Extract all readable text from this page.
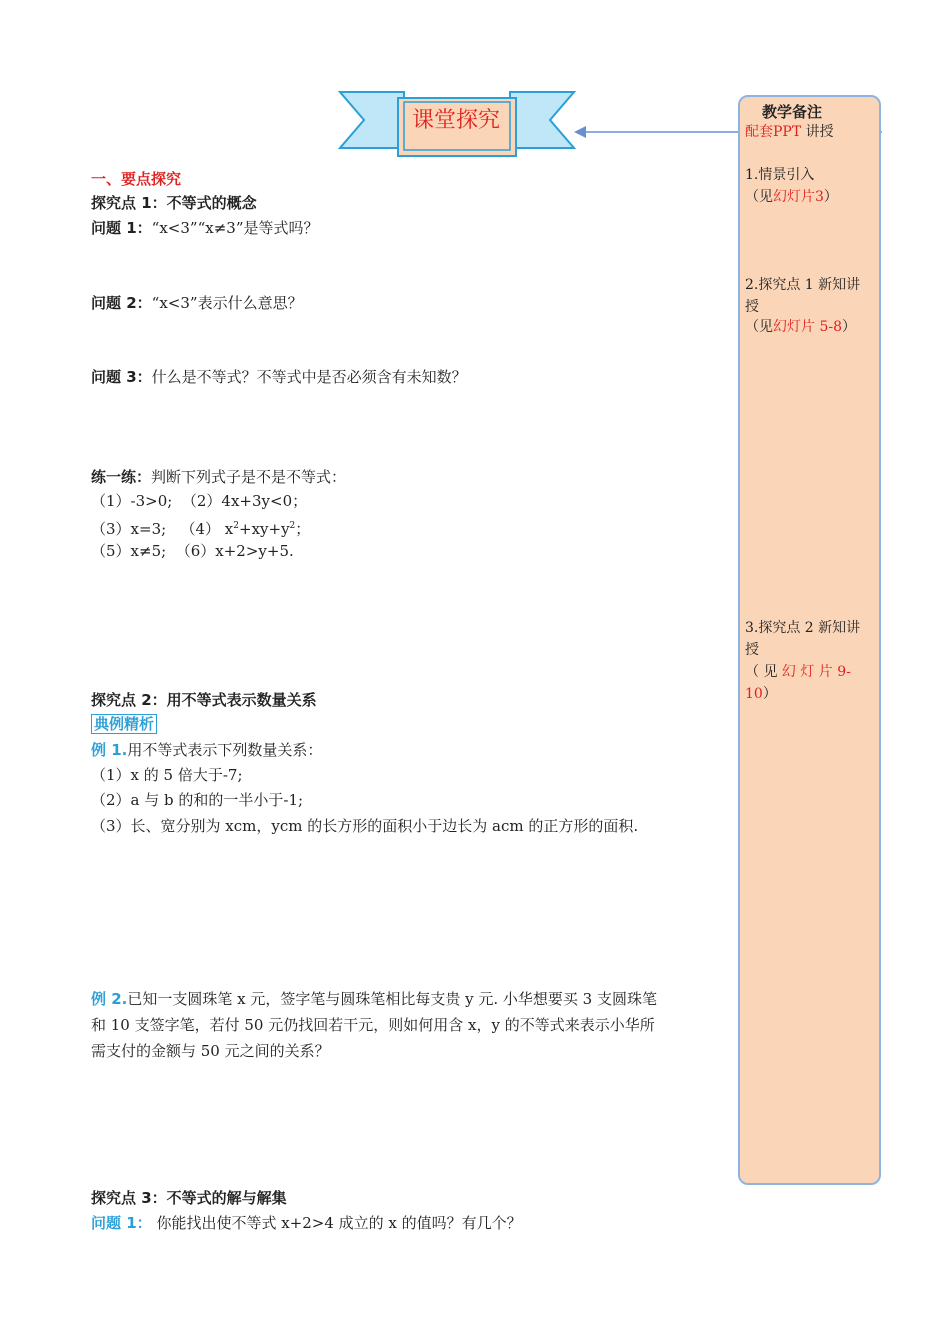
课堂探究	教学备注
配套PPT 讲授
1.情景引入
（见幻灯片3）
2.探究点 1 新知讲
授
（见幻灯片 5-8）
3.探究点 2 新知讲
授
（ 见 幻 灯 片 9-
10）
一、要点探究
探究点 1：不等式的概念
问题 1：“x<3”“x≠3”是等式吗？
问题 2：“x<3”表示什么意思？
问题 3：什么是不等式？不等式中是否必须含有未知数？
练一练：判断下列式子是不是不等式：
（1）-3>0; （2）4x+3y<0；
（3）x=3; （4） $x^2+xy+y^2$；
（5）x≠5; （6）x+2>y+5.
探究点 2：用不等式表示数量关系
典例精析
例 1.用不等式表示下列数量关系：
（1）x 的 5 倍大于-7;
（2）a 与 b 的和的一半小于-1;
（3）长、宽分别为 xcm，ycm 的长方形的面积小于边长为 acm 的正方形的面积.
例 2.已知一支圆珠笔 x 元，签字笔与圆珠笔相比每支贵 y 元. 小华想要买 3 支圆珠笔
和 10 支签字笔，若付 50 元仍找回若干元，则如何用含 x，y 的不等式来表示小华所
需支付的金额与 50 元之间的关系？
探究点 3：不等式的解与解集
问题 1： 你能找出使不等式 x+2>4 成立的 x 的值吗？有几个？
